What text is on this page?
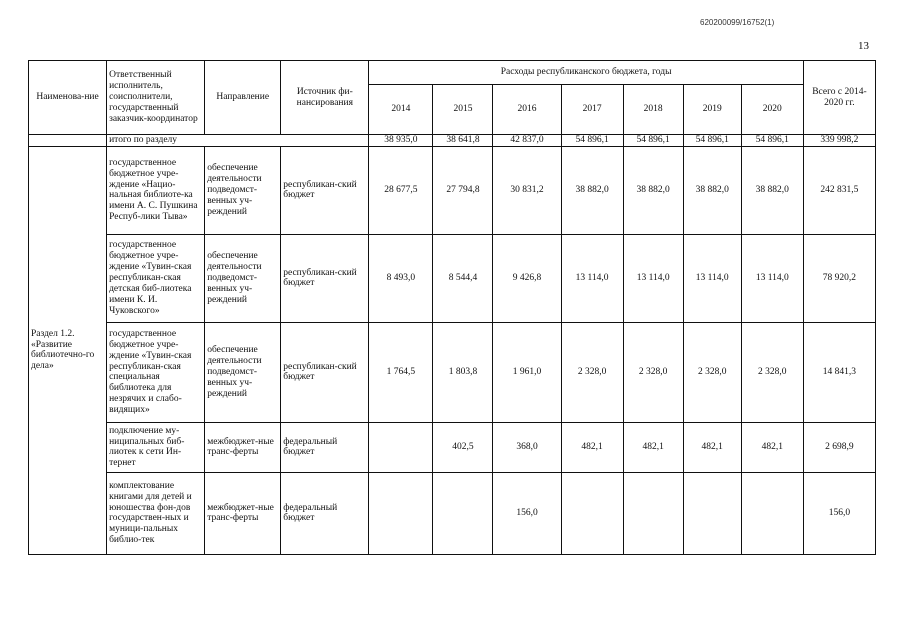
620200099/16752(1)
13
Наименова-ние	Ответственный исполнитель, соисполнители, государственный заказчик-координатор	Направление	Источник фи-нансирования	Расходы республиканского бюджета, годы							Всего с 2014-2020 гг.
				2014	2015	2016	2017	2018	2019	2020	
	итого по разделу			38 935,0	38 641,8	42 837,0	54 896,1	54 896,1	54 896,1	54 896,1	339 998,2
Раздел 1.2. «Развитие библиотечно-го дела»	государственное бюджетное учре-ждение «Нацио-нальная библиоте-ка имени А. С. Пушкина Респуб-лики Тыва»	обеспечение деятельности подведомст-венных уч-реждений	республикан-ский бюджет	28 677,5	27 794,8	30 831,2	38 882,0	38 882,0	38 882,0	38 882,0	242 831,5
	государственное бюджетное учре-ждение «Тувин-ская республикан-ская детская биб-лиотека имени К. И. Чуковского»	обеспечение деятельности подведомст-венных уч-реждений	республикан-ский бюджет	8 493,0	8 544,4	9 426,8	13 114,0	13 114,0	13 114,0	13 114,0	78 920,2
	государственное бюджетное учре-ждение «Тувин-ская республикан-ская специальная библиотека для незрячих и слабо-видящих»	обеспечение деятельности подведомст-венных уч-реждений	республикан-ский бюджет	1 764,5	1 803,8	1 961,0	2 328,0	2 328,0	2 328,0	2 328,0	14 841,3
	подключение му-ниципальных биб-лиотек к сети Ин-тернет	межбюджет-ные транс-ферты	федеральный бюджет		402,5	368,0	482,1	482,1	482,1	482,1	2 698,9
	комплектование книгами для детей и юношества фон-дов государствен-ных и муници-пальных библио-тек	межбюджет-ные транс-ферты	федеральный бюджет			156,0					156,0
